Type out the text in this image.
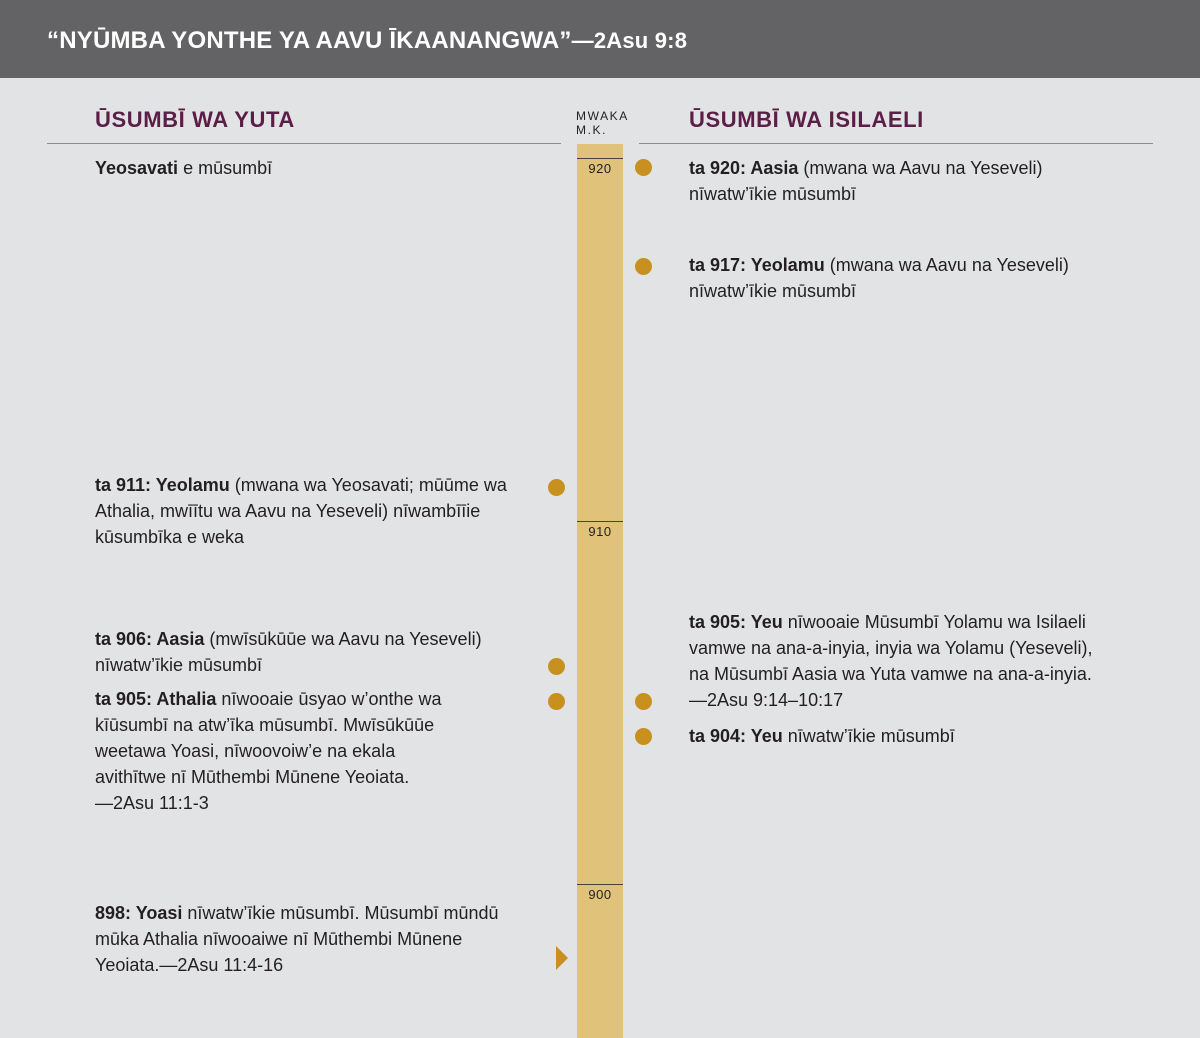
“NYŪMBA YONTHE YA AAVU ĪKAANANGWA”—2Asu 9:8
ŪSUMBĪ WA YUTA	ŪSUMBĪ WA ISILAELI
MWAKA
M.K.
920
910
900
Yeosavati e mūsumbī
ta 911: Yeolamu (mwana wa Yeosavati; mūūme wa Athalia, mwīītu wa Aavu na Yeseveli) nīwambīīie kūsumbīka e weka
ta 906: Aasia (mwīsūkūūe wa Aavu na Yeseveli) nīwatw’īkie mūsumbī
ta 905: Athalia nīwooaie ūsyao w’onthe wa kīūsumbī na atw’īka mūsumbī. Mwīsūkūūe weetawa Yoasi, nīwoovoiw’e na ekala avithītwe nī Mūthembi Mūnene Yeoiata.
—2Asu 11:1-3
898: Yoasi nīwatw’īkie mūsumbī. Mūsumbī mūndū mūka Athalia nīwooaiwe nī Mūthembi Mūnene Yeoiata.—2Asu 11:4-16
ta 920: Aasia (mwana wa Aavu na Yeseveli) nīwatw’īkie mūsumbī
ta 917: Yeolamu (mwana wa Aavu na Yeseveli) nīwatw’īkie mūsumbī
ta 905: Yeu nīwooaie Mūsumbī Yolamu wa Isilaeli vamwe na ana-a-inyia, inyia wa Yolamu (Yeseveli), na Mūsumbī Aasia wa Yuta vamwe na ana-a-inyia.
—2Asu 9:14–10:17
ta 904: Yeu nīwatw’īkie mūsumbī
